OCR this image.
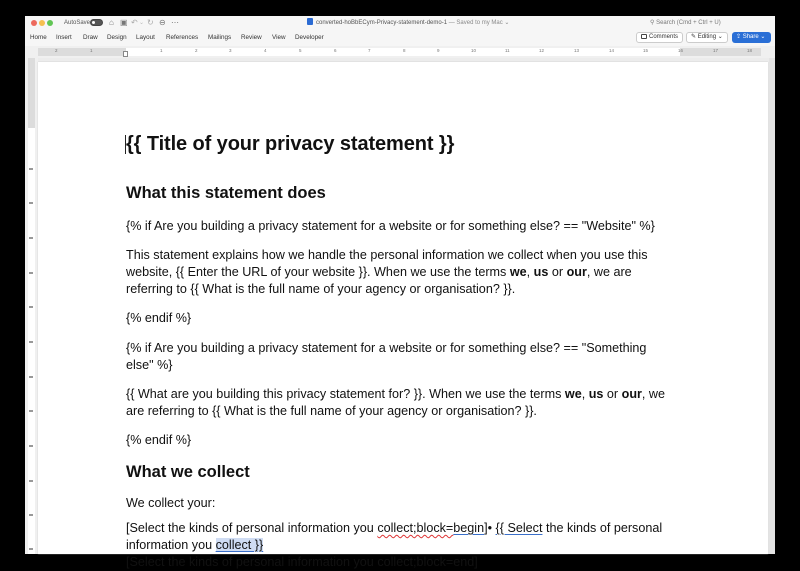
AutoSave ⌂ ▣ ↶ ⌄ ↻ ⊖ ⋯	converted-hoBbECym-Privacy-statement-demo-1 — Saved to my Mac ⌄	⚲ Search (Cmd + Ctrl + U)
Home Insert Draw Design Layout References Mailings Review View Developer	Comments	✎ Editing ⌄	⇪ Share ⌄
2	1	1	2	3	4	5	6	7	8	9	10	11	12	13	14	15	16	17	18
{{ Title of your privacy statement }}
What this statement does
{% if Are you building a privacy statement for a website or for something else? == "Website" %}
This statement explains how we handle the personal information we collect when you use this
website, {{ Enter the URL of your website }}. When we use the terms we, us or our, we are
referring to {{ What is the full name of your agency or organisation? }}.
{% endif %}
{% if Are you building a privacy statement for a website or for something else? == "Something
else" %}
{{ What are you building this privacy statement for? }}. When we use the terms we, us or our, we
are referring to {{ What is the full name of your agency or organisation? }}.
{% endif %}
What we collect
We collect your:
[Select the kinds of personal information you collect;block=begin]• {{ Select the kinds of personal
information you collect }}
[Select the kinds of personal information you collect;block=end]
